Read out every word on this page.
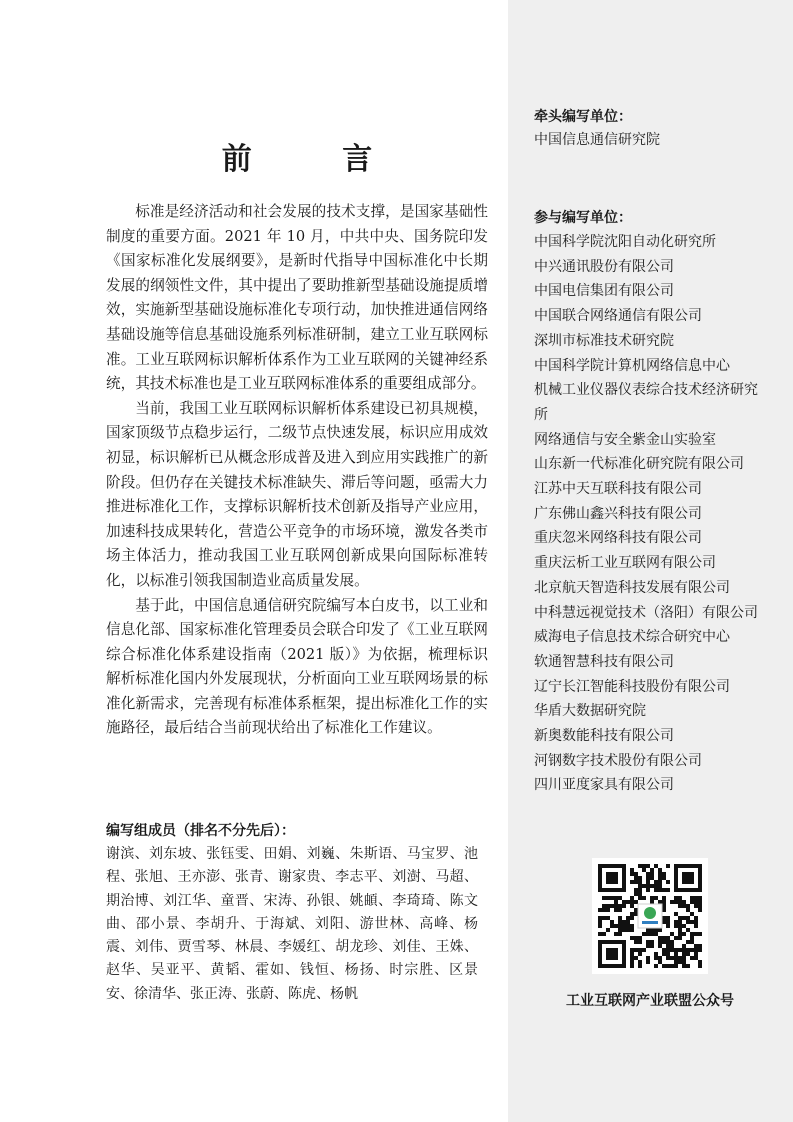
前 言

标准是经济活动和社会发展的技术支撑，是国家基础性制度的重要方面。2021 年 10 月，中共中央、国务院印发《国家标准化发展纲要》，是新时代指导中国标准化中长期发展的纲领性文件，其中提出了要助推新型基础设施提质增效，实施新型基础设施标准化专项行动，加快推进通信网络基础设施等信息基础设施系列标准研制，建立工业互联网标准。工业互联网标识解析体系作为工业互联网的关键神经系统，其技术标准也是工业互联网标准体系的重要组成部分。

当前，我国工业互联网标识解析体系建设已初具规模，国家顶级节点稳步运行，二级节点快速发展，标识应用成效初显，标识解析已从概念形成普及进入到应用实践推广的新阶段。但仍存在关键技术标准缺失、滞后等问题，亟需大力推进标准化工作，支撑标识解析技术创新及指导产业应用，加速科技成果转化，营造公平竞争的市场环境，激发各类市场主体活力，推动我国工业互联网创新成果向国际标准转化，以标准引领我国制造业高质量发展。

基于此，中国信息通信研究院编写本白皮书，以工业和信息化部、国家标准化管理委员会联合印发了《工业互联网综合标准化体系建设指南（2021 版）》为依据，梳理标识解析标准化国内外发展现状，分析面向工业互联网场景的标准化新需求，完善现有标准体系框架，提出标准化工作的实施路径，最后结合当前现状给出了标准化工作建议。

编写组成员（排名不分先后）：
谢滨、刘东坡、张钰雯、田娟、刘巍、朱斯语、马宝罗、池程、张旭、王亦澎、张青、谢家贵、李志平、刘澍、马超、期治博、刘江华、童晋、宋涛、孙银、姚頔、李琦琦、陈文曲、邵小景、李胡升、于海斌、刘阳、游世林、高峰、杨震、刘伟、贾雪琴、林晨、李媛红、胡龙珍、刘佳、王姝、赵华、吴亚平、黄韬、霍如、钱恒、杨扬、时宗胜、区景安、徐清华、张正涛、张蔚、陈虎、杨帆
牵头编写单位：
中国信息通信研究院
参与编写单位：
中国科学院沈阳自动化研究所
中兴通讯股份有限公司
中国电信集团有限公司
中国联合网络通信有限公司
深圳市标准技术研究院
中国科学院计算机网络信息中心
机械工业仪器仪表综合技术经济研究所
网络通信与安全紫金山实验室
山东新一代标准化研究院有限公司
江苏中天互联科技有限公司
广东佛山鑫兴科技有限公司
重庆忽米网络科技有限公司
重庆沄析工业互联网有限公司
北京航天智造科技发展有限公司
中科慧远视觉技术（洛阳）有限公司
威海电子信息技术综合研究中心
软通智慧科技有限公司
辽宁长江智能科技股份有限公司
华盾大数据研究院
新奥数能科技有限公司
河钢数字技术股份有限公司
四川亚度家具有限公司
工业互联网产业联盟公众号
